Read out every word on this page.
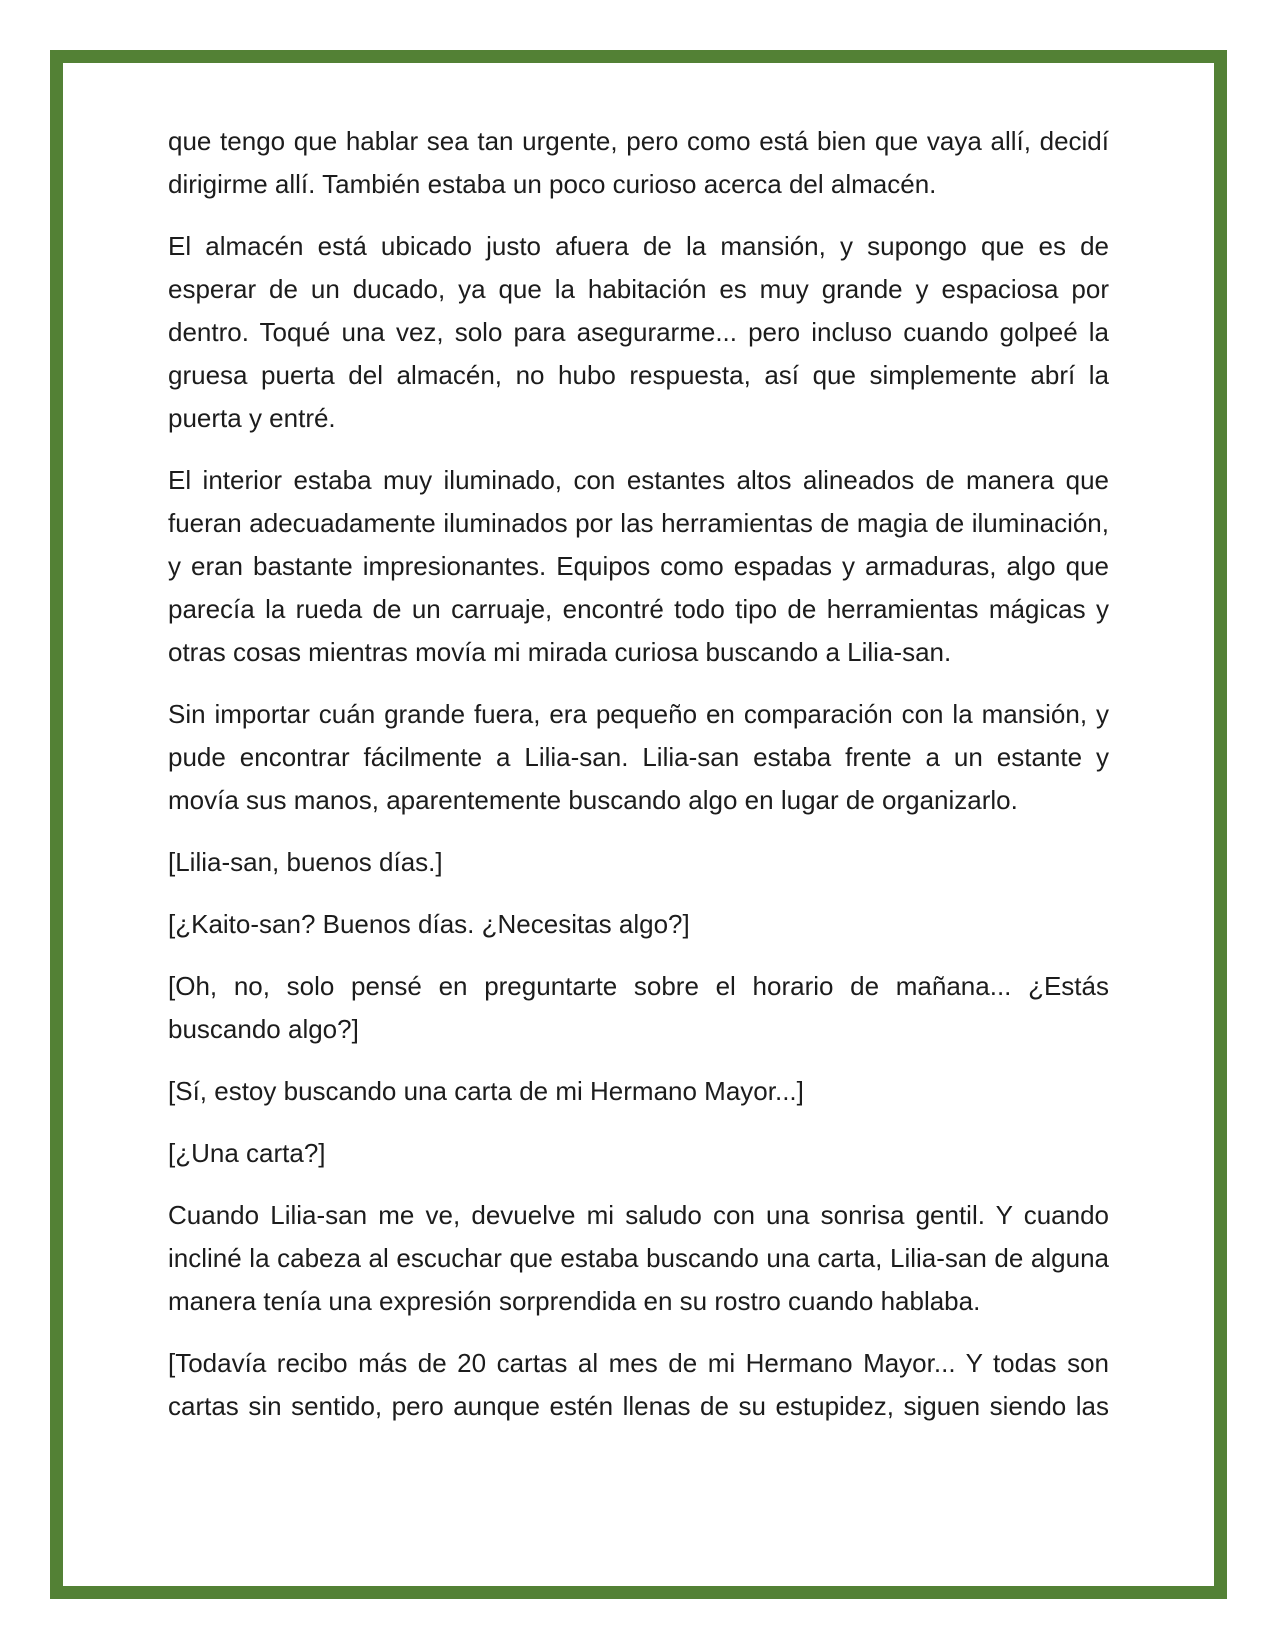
que tengo que hablar sea tan urgente, pero como está bien que vaya allí, decidí dirigirme allí. También estaba un poco curioso acerca del almacén.

El almacén está ubicado justo afuera de la mansión, y supongo que es de esperar de un ducado, ya que la habitación es muy grande y espaciosa por dentro. Toqué una vez, solo para asegurarme... pero incluso cuando golpeé la gruesa puerta del almacén, no hubo respuesta, así que simplemente abrí la puerta y entré.

El interior estaba muy iluminado, con estantes altos alineados de manera que fueran adecuadamente iluminados por las herramientas de magia de iluminación, y eran bastante impresionantes. Equipos como espadas y armaduras, algo que parecía la rueda de un carruaje, encontré todo tipo de herramientas mágicas y otras cosas mientras movía mi mirada curiosa buscando a Lilia-san.

Sin importar cuán grande fuera, era pequeño en comparación con la mansión, y pude encontrar fácilmente a Lilia-san. Lilia-san estaba frente a un estante y movía sus manos, aparentemente buscando algo en lugar de organizarlo.

[Lilia-san, buenos días.]

[¿Kaito-san? Buenos días. ¿Necesitas algo?]

[Oh, no, solo pensé en preguntarte sobre el horario de mañana... ¿Estás buscando algo?]

[Sí, estoy buscando una carta de mi Hermano Mayor...]

[¿Una carta?]

Cuando Lilia-san me ve, devuelve mi saludo con una sonrisa gentil. Y cuando incliné la cabeza al escuchar que estaba buscando una carta, Lilia-san de alguna manera tenía una expresión sorprendida en su rostro cuando hablaba.

[Todavía recibo más de 20 cartas al mes de mi Hermano Mayor... Y todas son cartas sin sentido, pero aunque estén llenas de su estupidez, siguen siendo las
